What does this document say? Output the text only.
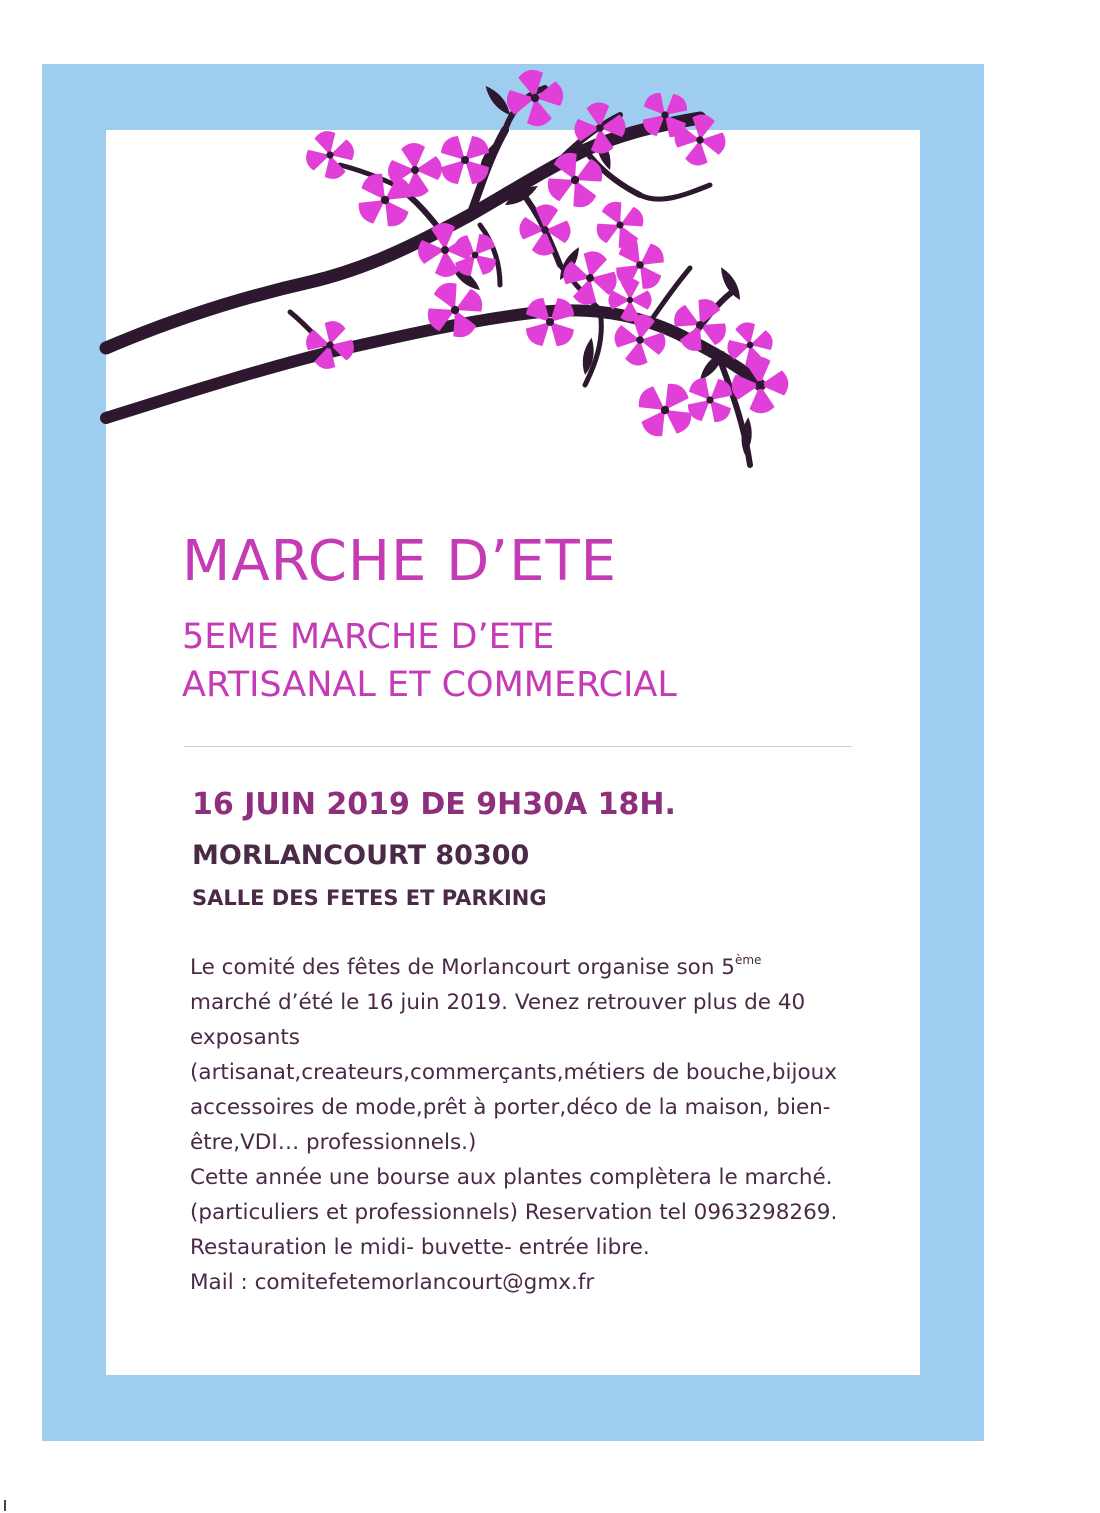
MARCHE D’ETE
5EME MARCHE D’ETE
ARTISANAL ET COMMERCIAL
16 JUIN 2019 DE 9H30A 18H.
MORLANCOURT 80300
SALLE DES FETES ET PARKING

Le comité des fêtes de Morlancourt organise son 5ème
marché d’été le 16 juin 2019. Venez retrouver plus de 40 exposants
(artisanat,createurs,commerçants,métiers de bouche,bijoux accessoires de mode,prêt à porter,déco de la maison, bien-être,VDI… professionnels.)
Cette année une bourse aux plantes complètera le marché.(particuliers et professionnels) Reservation tel 0963298269.
Restauration le midi- buvette- entrée libre.
Mail : comitefetemorlancourt@gmx.fr
